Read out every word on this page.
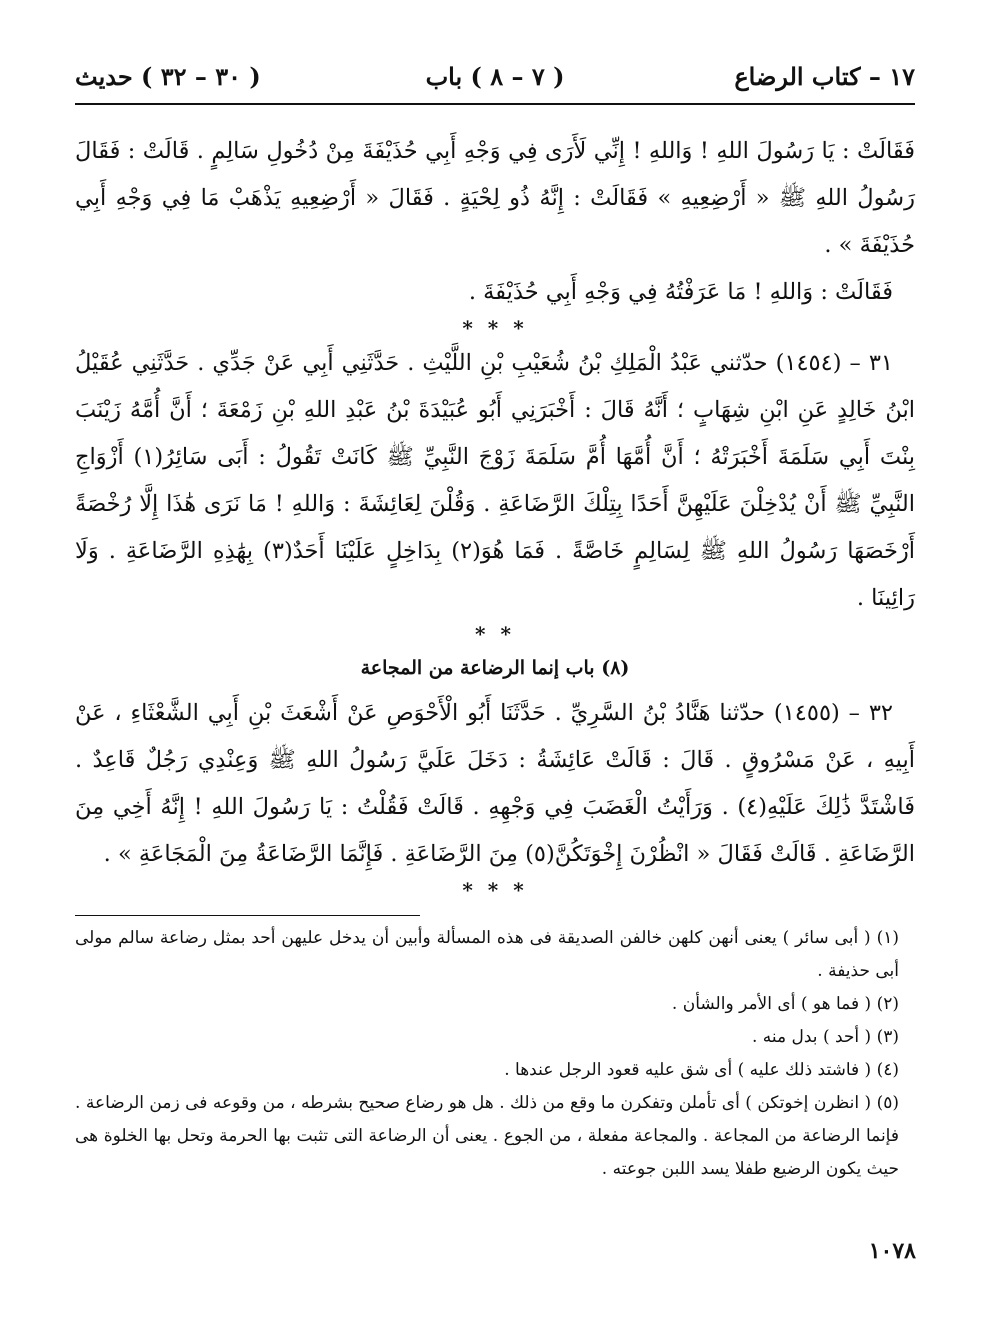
١٧ – كتاب الرضاع
( ٧ – ٨ ) باب
( ٣٠ – ٣٢ ) حديث

فَقَالَتْ : يَا رَسُولَ اللهِ ! وَاللهِ ! إِنِّي لَأَرَى فِي وَجْهِ أَبِي حُذَيْفَةَ مِنْ دُخُولِ سَالِمٍ . قَالَتْ : فَقَالَ رَسُولُ اللهِ ﷺ « أَرْضِعِيهِ » فَقَالَتْ : إِنَّهُ ذُو لِحْيَةٍ . فَقَالَ « أَرْضِعِيهِ يَذْهَبْ مَا فِي وَجْهِ أَبِي حُذَيْفَةَ » .

فَقَالَتْ : وَاللهِ ! مَا عَرَفْتُهُ فِي وَجْهِ أَبِي حُذَيْفَةَ .

* * *

٣١ – (١٤٥٤) حدّثني عَبْدُ الْمَلِكِ بْنُ شُعَيْبِ بْنِ اللَّيْثِ . حَدَّثَنِي أَبِي عَنْ جَدِّي . حَدَّثَنِي عُقَيْلُ ابْنُ خَالِدٍ عَنِ ابْنِ شِهَابٍ ؛ أَنَّهُ قَالَ : أَخْبَرَنِي أَبُو عُبَيْدَةَ بْنُ عَبْدِ اللهِ بْنِ زَمْعَةَ ؛ أَنَّ أُمَّهُ زَيْنَبَ بِنْتَ أَبِي سَلَمَةَ أَخْبَرَتْهُ ؛ أَنَّ أُمَّهَا أُمَّ سَلَمَةَ زَوْجَ النَّبِيِّ ﷺ كَانَتْ تَقُولُ : أَبَى سَائِرُ(١) أَزْوَاجِ النَّبِيِّ ﷺ أَنْ يُدْخِلْنَ عَلَيْهِنَّ أَحَدًا بِتِلْكَ الرَّضَاعَةِ . وَقُلْنَ لِعَائِشَةَ : وَاللهِ ! مَا نَرَى هَٰذَا إِلَّا رُخْصَةً أَرْخَصَهَا رَسُولُ اللهِ ﷺ لِسَالِمٍ خَاصَّةً . فَمَا هُوَ(٢) بِدَاخِلٍ عَلَيْنَا أَحَدٌ(٣) بِهَٰذِهِ الرَّضَاعَةِ . وَلَا رَائِينَا .

* *
(٨) باب إنما الرضاعة من المجاعة

٣٢ – (١٤٥٥) حدّثنا هَنَّادُ بْنُ السَّرِيِّ . حَدَّثَنَا أَبُو الْأَحْوَصِ عَنْ أَشْعَثَ بْنِ أَبِي الشَّعْثَاءِ ، عَنْ أَبِيهِ ، عَنْ مَسْرُوقٍ . قَالَ : قَالَتْ عَائِشَةُ : دَخَلَ عَلَيَّ رَسُولُ اللهِ ﷺ وَعِنْدِي رَجُلٌ قَاعِدٌ . فَاشْتَدَّ ذَٰلِكَ عَلَيْهِ(٤) . وَرَأَيْتُ الْغَضَبَ فِي وَجْهِهِ . قَالَتْ فَقُلْتُ : يَا رَسُولَ اللهِ ! إِنَّهُ أَخِي مِنَ الرَّضَاعَةِ . قَالَتْ فَقَالَ « انْظُرْنَ إِخْوَتَكُنَّ(٥) مِنَ الرَّضَاعَةِ . فَإِنَّمَا الرَّضَاعَةُ مِنَ الْمَجَاعَةِ » .

* * *

(١) ( أبى سائر ) يعنى أنهن كلهن خالفن الصديقة فى هذه المسألة وأبين أن يدخل عليهن أحد بمثل رضاعة سالم مولى أبى حذيفة .

(٢) ( فما هو ) أى الأمر والشأن .

(٣) ( أحد ) بدل منه .

(٤) ( فاشتد ذلك عليه ) أى شق عليه قعود الرجل عندها .

(٥) ( انظرن إخوتكن ) أى تأملن وتفكرن ما وقع من ذلك . هل هو رضاع صحيح بشرطه ، من وقوعه فى زمن الرضاعة . فإنما الرضاعة من المجاعة . والمجاعة مفعلة ، من الجوع . يعنى أن الرضاعة التى تثبت بها الحرمة وتحل بها الخلوة هى حيث يكون الرضيع طفلا يسد اللبن جوعته .

١٠٧٨
